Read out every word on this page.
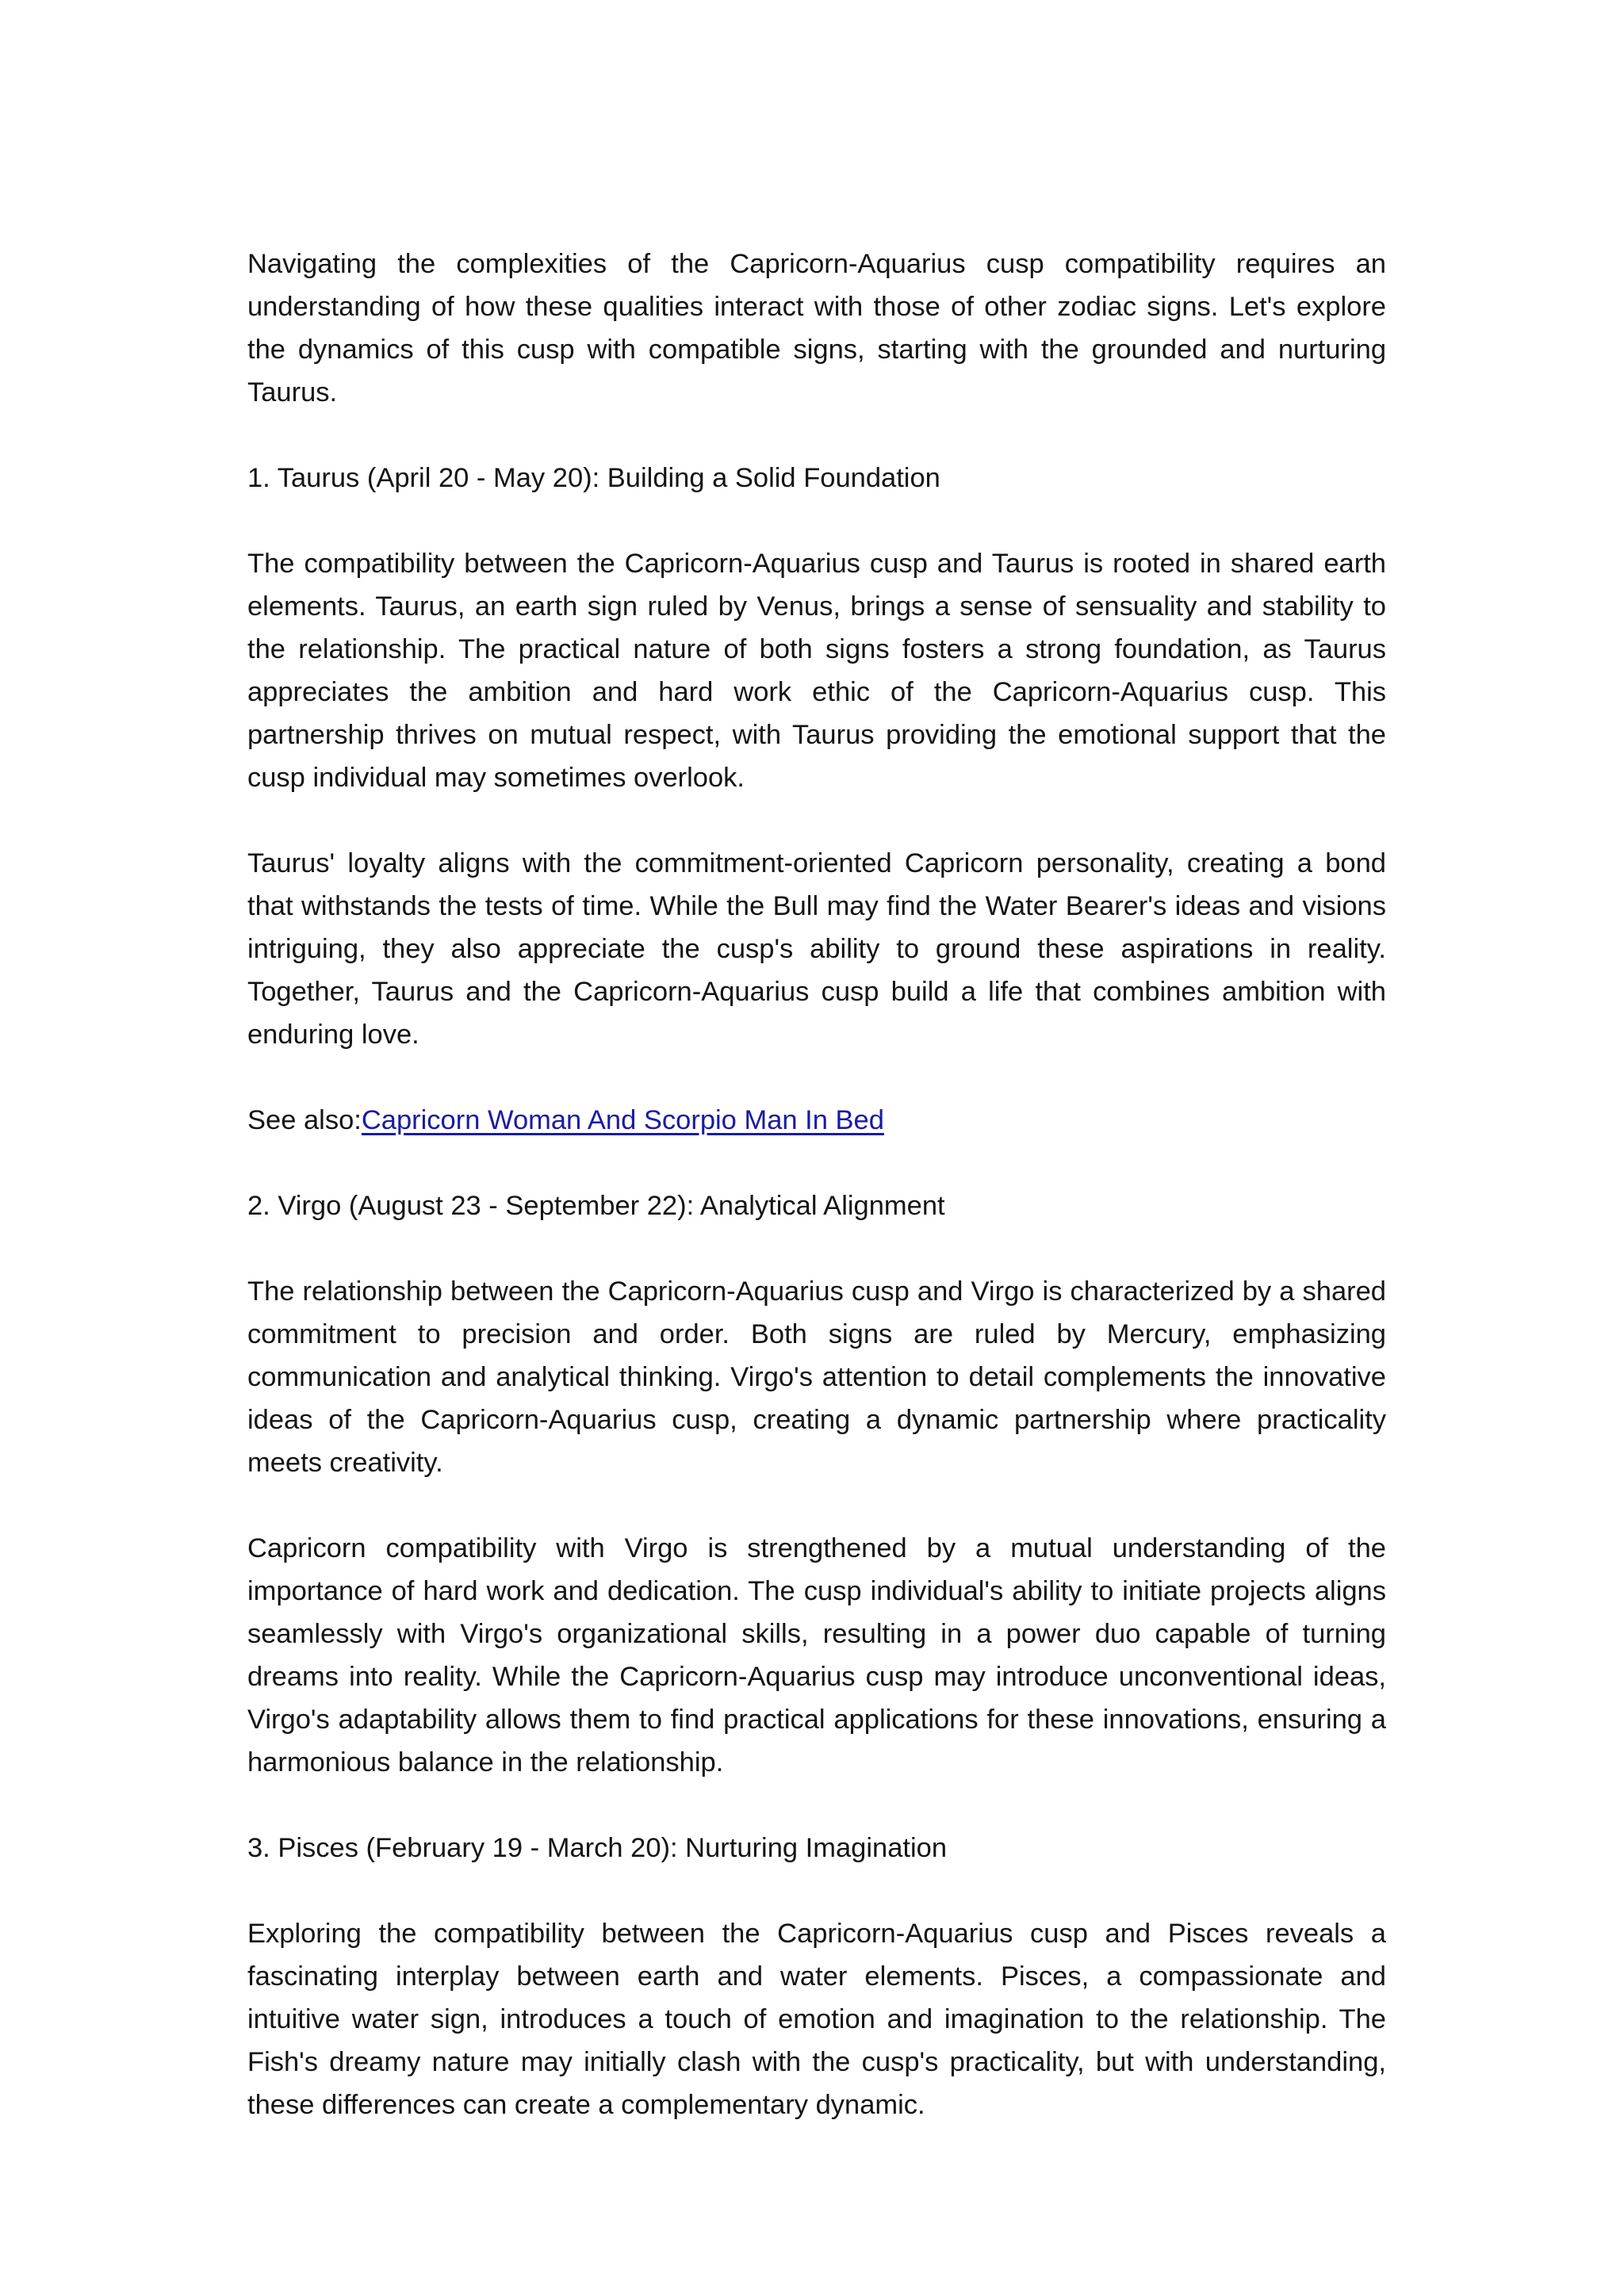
Navigating the complexities of the Capricorn-Aquarius cusp compatibility requires an understanding of how these qualities interact with those of other zodiac signs. Let's explore the dynamics of this cusp with compatible signs, starting with the grounded and nurturing Taurus.

1. Taurus (April 20 - May 20): Building a Solid Foundation

The compatibility between the Capricorn-Aquarius cusp and Taurus is rooted in shared earth elements. Taurus, an earth sign ruled by Venus, brings a sense of sensuality and stability to the relationship. The practical nature of both signs fosters a strong foundation, as Taurus appreciates the ambition and hard work ethic of the Capricorn-Aquarius cusp. This partnership thrives on mutual respect, with Taurus providing the emotional support that the cusp individual may sometimes overlook.

Taurus' loyalty aligns with the commitment-oriented Capricorn personality, creating a bond that withstands the tests of time. While the Bull may find the Water Bearer's ideas and visions intriguing, they also appreciate the cusp's ability to ground these aspirations in reality. Together, Taurus and the Capricorn-Aquarius cusp build a life that combines ambition with enduring love.

See also:Capricorn Woman And Scorpio Man In Bed

2. Virgo (August 23 - September 22): Analytical Alignment

The relationship between the Capricorn-Aquarius cusp and Virgo is characterized by a shared commitment to precision and order. Both signs are ruled by Mercury, emphasizing communication and analytical thinking. Virgo's attention to detail complements the innovative ideas of the Capricorn-Aquarius cusp, creating a dynamic partnership where practicality meets creativity.

Capricorn compatibility with Virgo is strengthened by a mutual understanding of the importance of hard work and dedication. The cusp individual's ability to initiate projects aligns seamlessly with Virgo's organizational skills, resulting in a power duo capable of turning dreams into reality. While the Capricorn-Aquarius cusp may introduce unconventional ideas, Virgo's adaptability allows them to find practical applications for these innovations, ensuring a harmonious balance in the relationship.

3. Pisces (February 19 - March 20): Nurturing Imagination

Exploring the compatibility between the Capricorn-Aquarius cusp and Pisces reveals a fascinating interplay between earth and water elements. Pisces, a compassionate and intuitive water sign, introduces a touch of emotion and imagination to the relationship. The Fish's dreamy nature may initially clash with the cusp's practicality, but with understanding, these differences can create a complementary dynamic.
